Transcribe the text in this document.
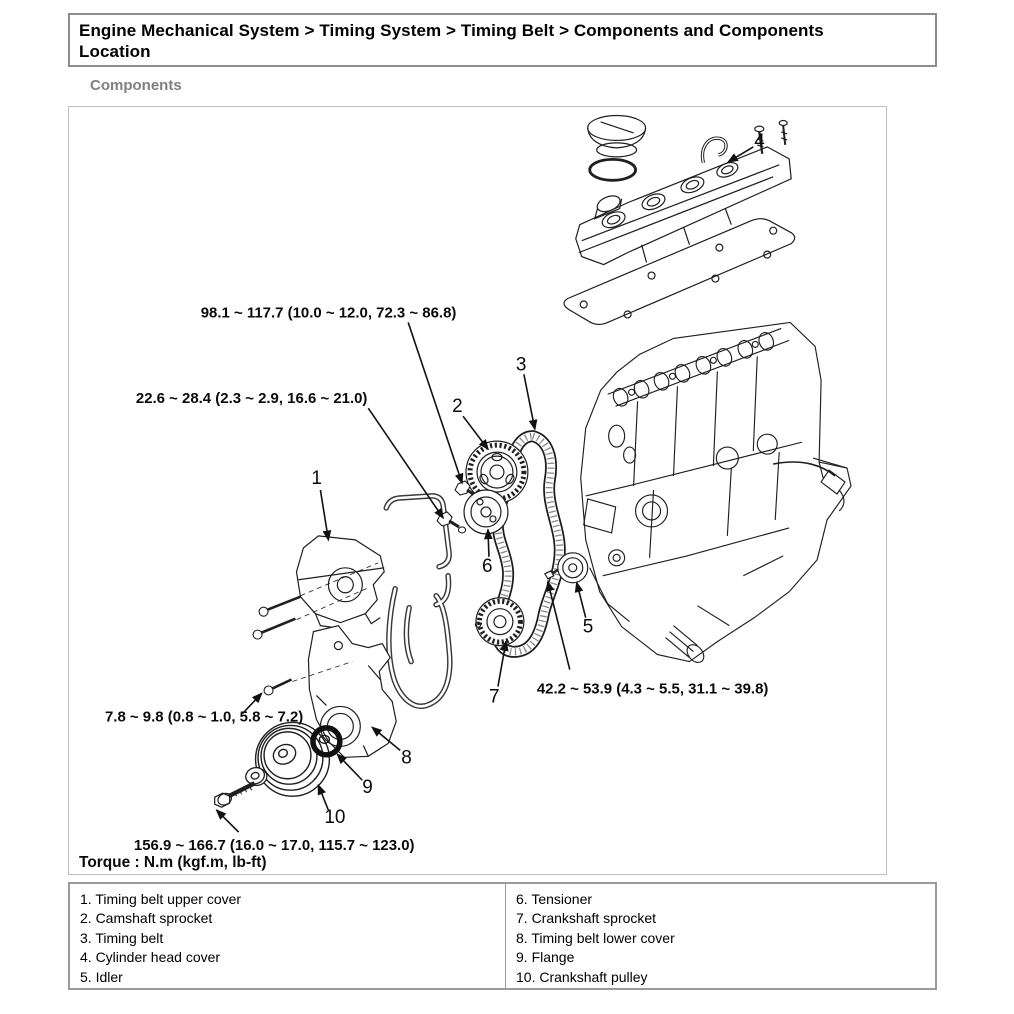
Engine Mechanical System > Timing System > Timing Belt > Components and Components Location
Components
1
2
3
4
5
6
7
8
9
10
98.1 ~ 117.7 (10.0 ~ 12.0, 72.3 ~ 86.8)
22.6 ~ 28.4 (2.3 ~ 2.9, 16.6 ~ 21.0)
42.2 ~ 53.9 (4.3 ~ 5.5, 31.1 ~ 39.8)
7.8 ~ 9.8 (0.8 ~ 1.0, 5.8 ~ 7.2)
156.9 ~ 166.7 (16.0 ~ 17.0, 115.7 ~ 123.0)
Torque : N.m (kgf.m, lb-ft)
1. Timing belt upper cover
2. Camshaft sprocket
3. Timing belt
4. Cylinder head cover
5. Idler
6. Tensioner
7. Crankshaft sprocket
8. Timing belt lower cover
9. Flange
10. Crankshaft pulley
